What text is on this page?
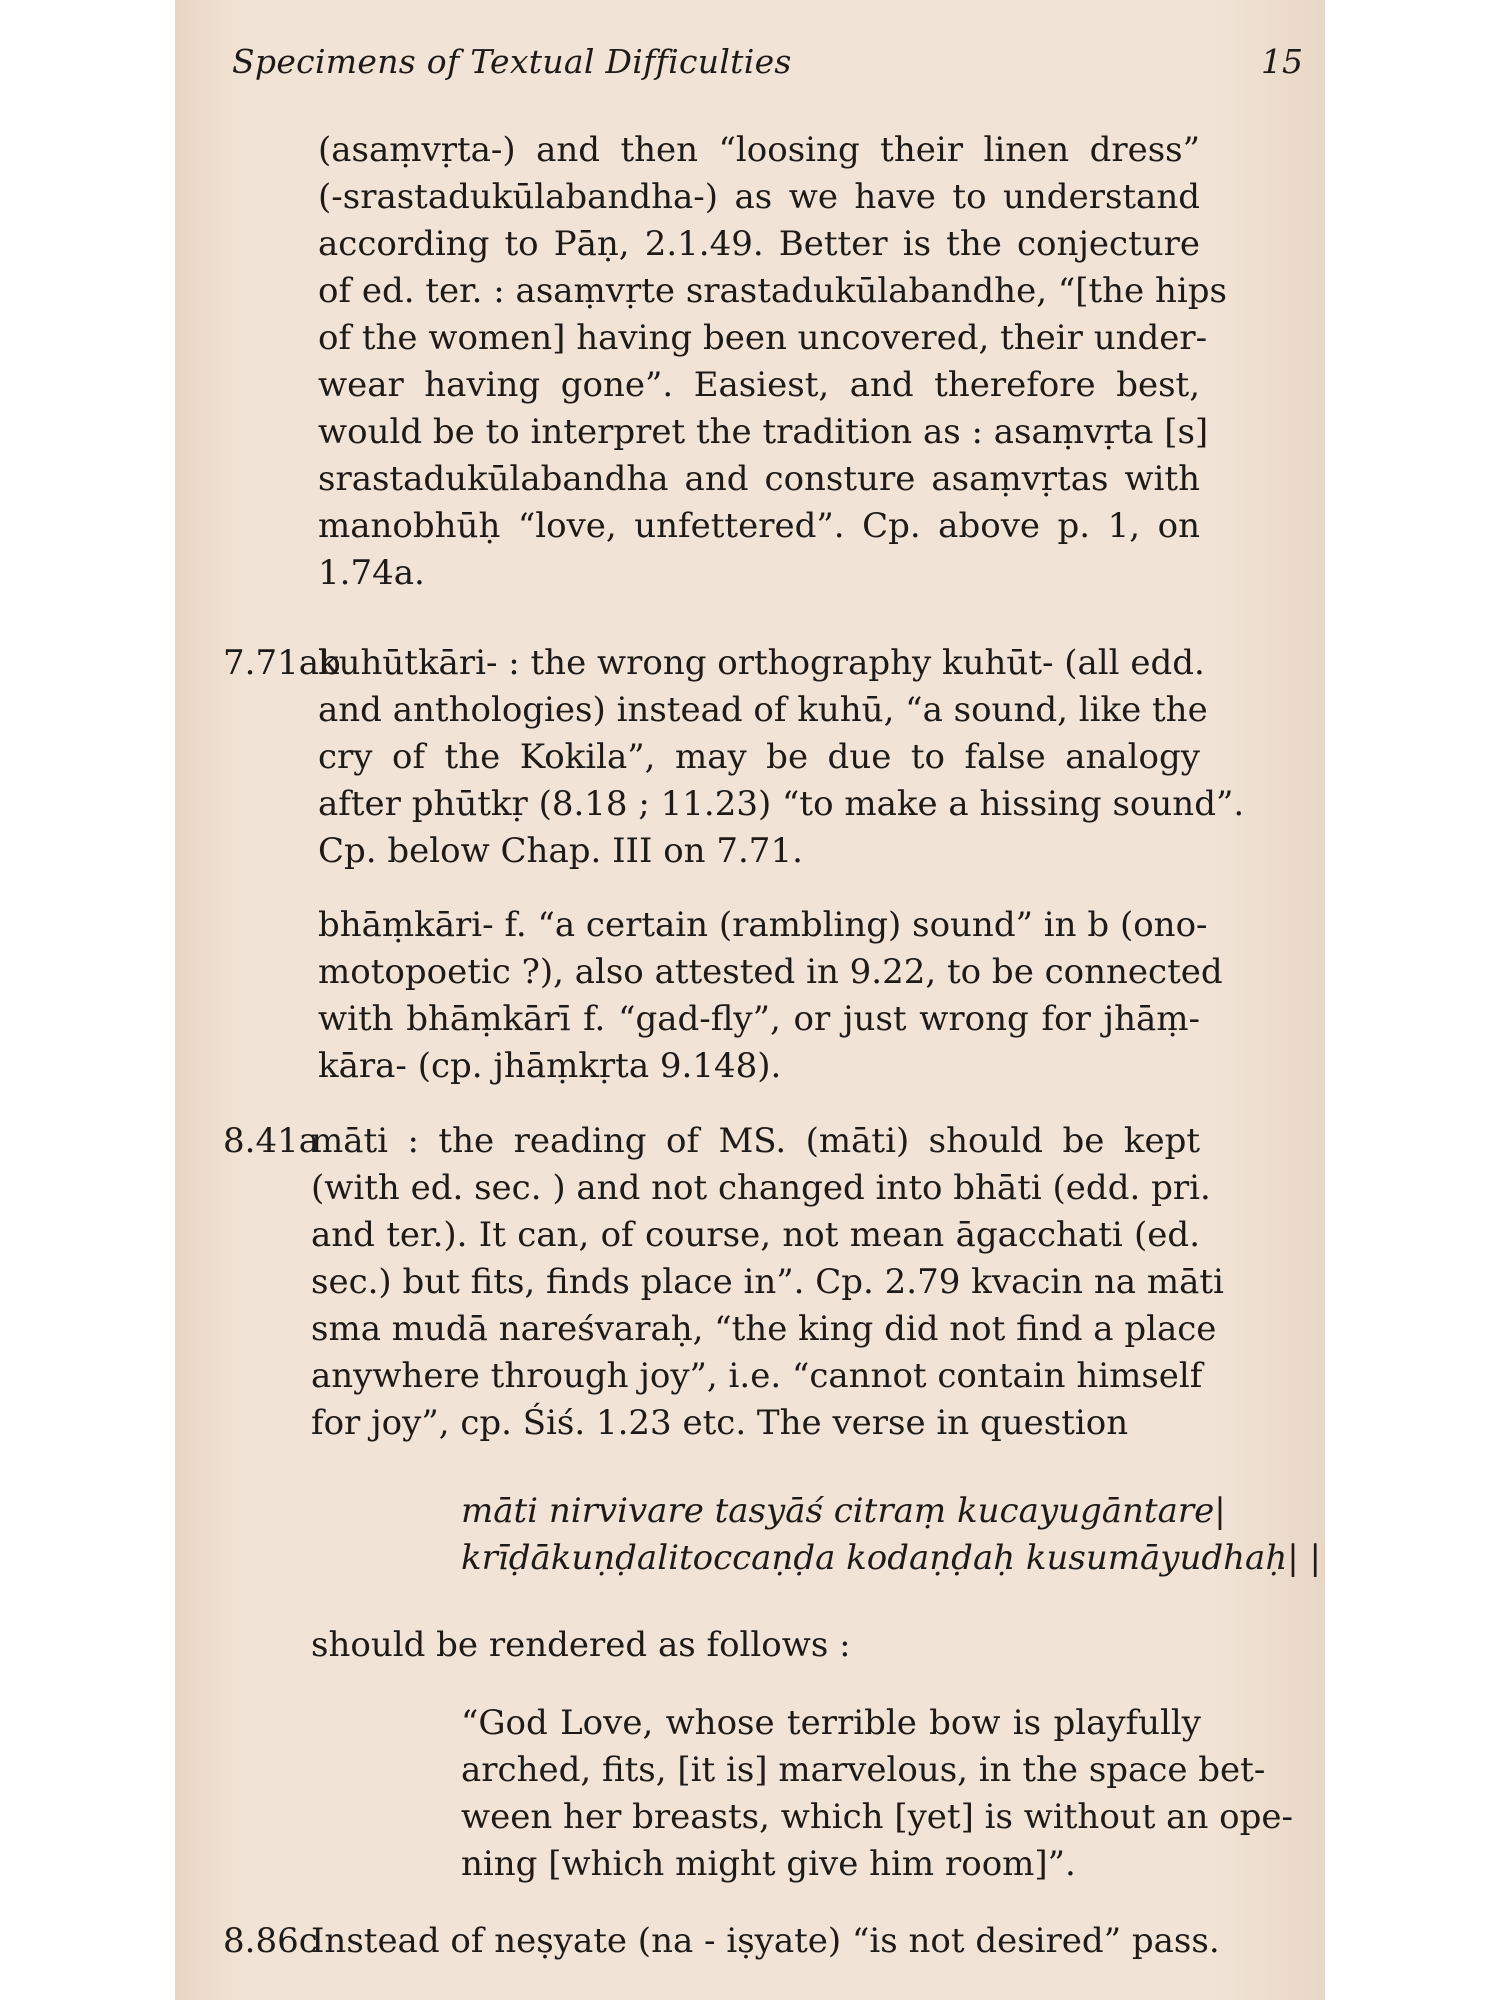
Specimens of Textual Difficulties	15
(asaṃvṛta-) and then “loosing their linen dress”
(-srastadukūlabandha-) as we have to understand
according to Pāṇ, 2.1.49. Better is the conjecture
of ed. ter. : asaṃvṛte srastadukūlabandhe, “[the hips
of the women] having been uncovered, their under-
wear having gone”. Easiest, and therefore best,
would be to interpret the tradition as : asaṃvṛta [s]
srastadukūlabandha and consture asaṃvṛtas with
manobhūḥ “love, unfettered”. Cp. above p. 1, on
1.74a.
7.71ab
kuhūtkāri- : the wrong orthography kuhūt- (all edd.
and anthologies) instead of kuhū, “a sound, like the
cry of the Kokila”, may be due to false analogy
after phūtkṛ (8.18 ; 11.23) “to make a hissing sound”.
Cp. below Chap. III on 7.71.
bhāṃkāri- f. “a certain (rambling) sound” in b (ono-
motopoetic ?), also attested in 9.22, to be connected
with bhāṃkārī f. “gad-fly”, or just wrong for jhāṃ-
kāra- (cp. jhāṃkṛta 9.148).
8.41a
māti : the reading of MS. (māti) should be kept
(with ed. sec. ) and not changed into bhāti (edd. pri.
and ter.). It can, of course, not mean āgacchati (ed.
sec.) but fits, finds place in”. Cp. 2.79 kvacin na māti
sma mudā nareśvaraḥ, “the king did not find a place
anywhere through joy”, i.e. “cannot contain himself
for joy”, cp. Śiś. 1.23 etc. The verse in question
māti nirvivare tasyāś citraṃ kucayugāntare|
krīḍākuṇḍalitoccaṇḍa kodaṇḍaḥ kusumāyudhaḥ| |
should be rendered as follows :
“God Love, whose terrible bow is playfully
arched, fits, [it is] marvelous, in the space bet-
ween her breasts, which [yet] is without an ope-
ning [which might give him room]”.
8.86c
Instead of neṣyate (na - iṣyate) “is not desired” pass.
